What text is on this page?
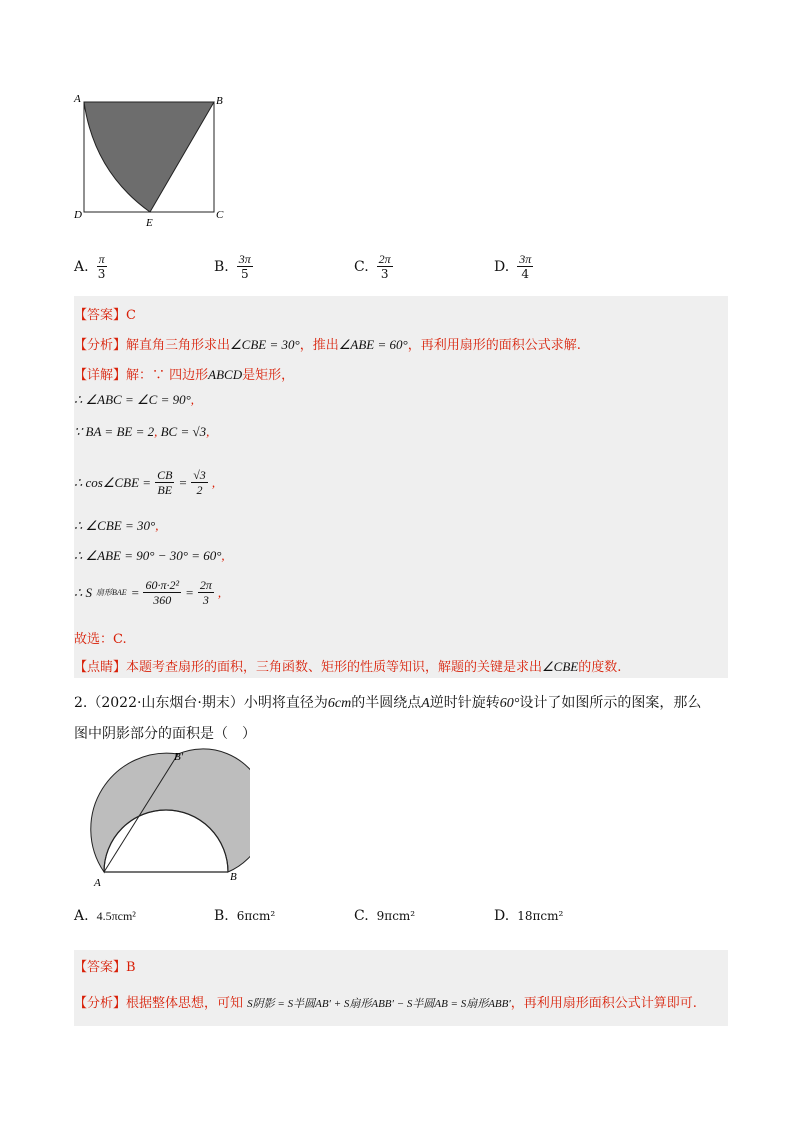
A	B
C
D
E
A. $\frac{\pi}{3}$	B. $\frac{3\pi}{5}$	C. $\frac{2\pi}{3}$	D. $\frac{3\pi}{4}$
【答案】C
【分析】解直角三角形求出∠CBE = 30°，推出∠ABE = 60°，再利用扇形的面积公式求解.
【详解】解：∵ 四边形ABCD是矩形，
∴ ∠ABC = ∠C = 90°,
∵ BA = BE = 2, BC = √3,
∴ cos∠CBE = $\frac{CB}{BE} = \frac{√3}{2}$ ,
∴ ∠CBE = 30°,
∴ ∠ABE = 90° − 30° = 60°,
∴ S 扇形BAE = $\frac{\text{60·π·2²}}{360} = \frac{2\pi}{3}$ ,
故选：C.
【点睛】本题考查扇形的面积，三角函数、矩形的性质等知识，解题的关键是求出∠CBE的度数.
2.（2022·山东烟台·期末）小明将直径为6cm的半圆绕点A逆时针旋转60°设计了如图所示的图案，那么
图中阴影部分的面积是（　）
A	B
B′
A. 4.5πcm²	B. 6πcm²	C. 9πcm²	D. 18πcm²
【答案】B
【分析】根据整体思想，可知 S阴影 = S半圆AB′ + S扇形ABB′ − S半圆AB = S扇形ABB′，再利用扇形面积公式计算即可.
